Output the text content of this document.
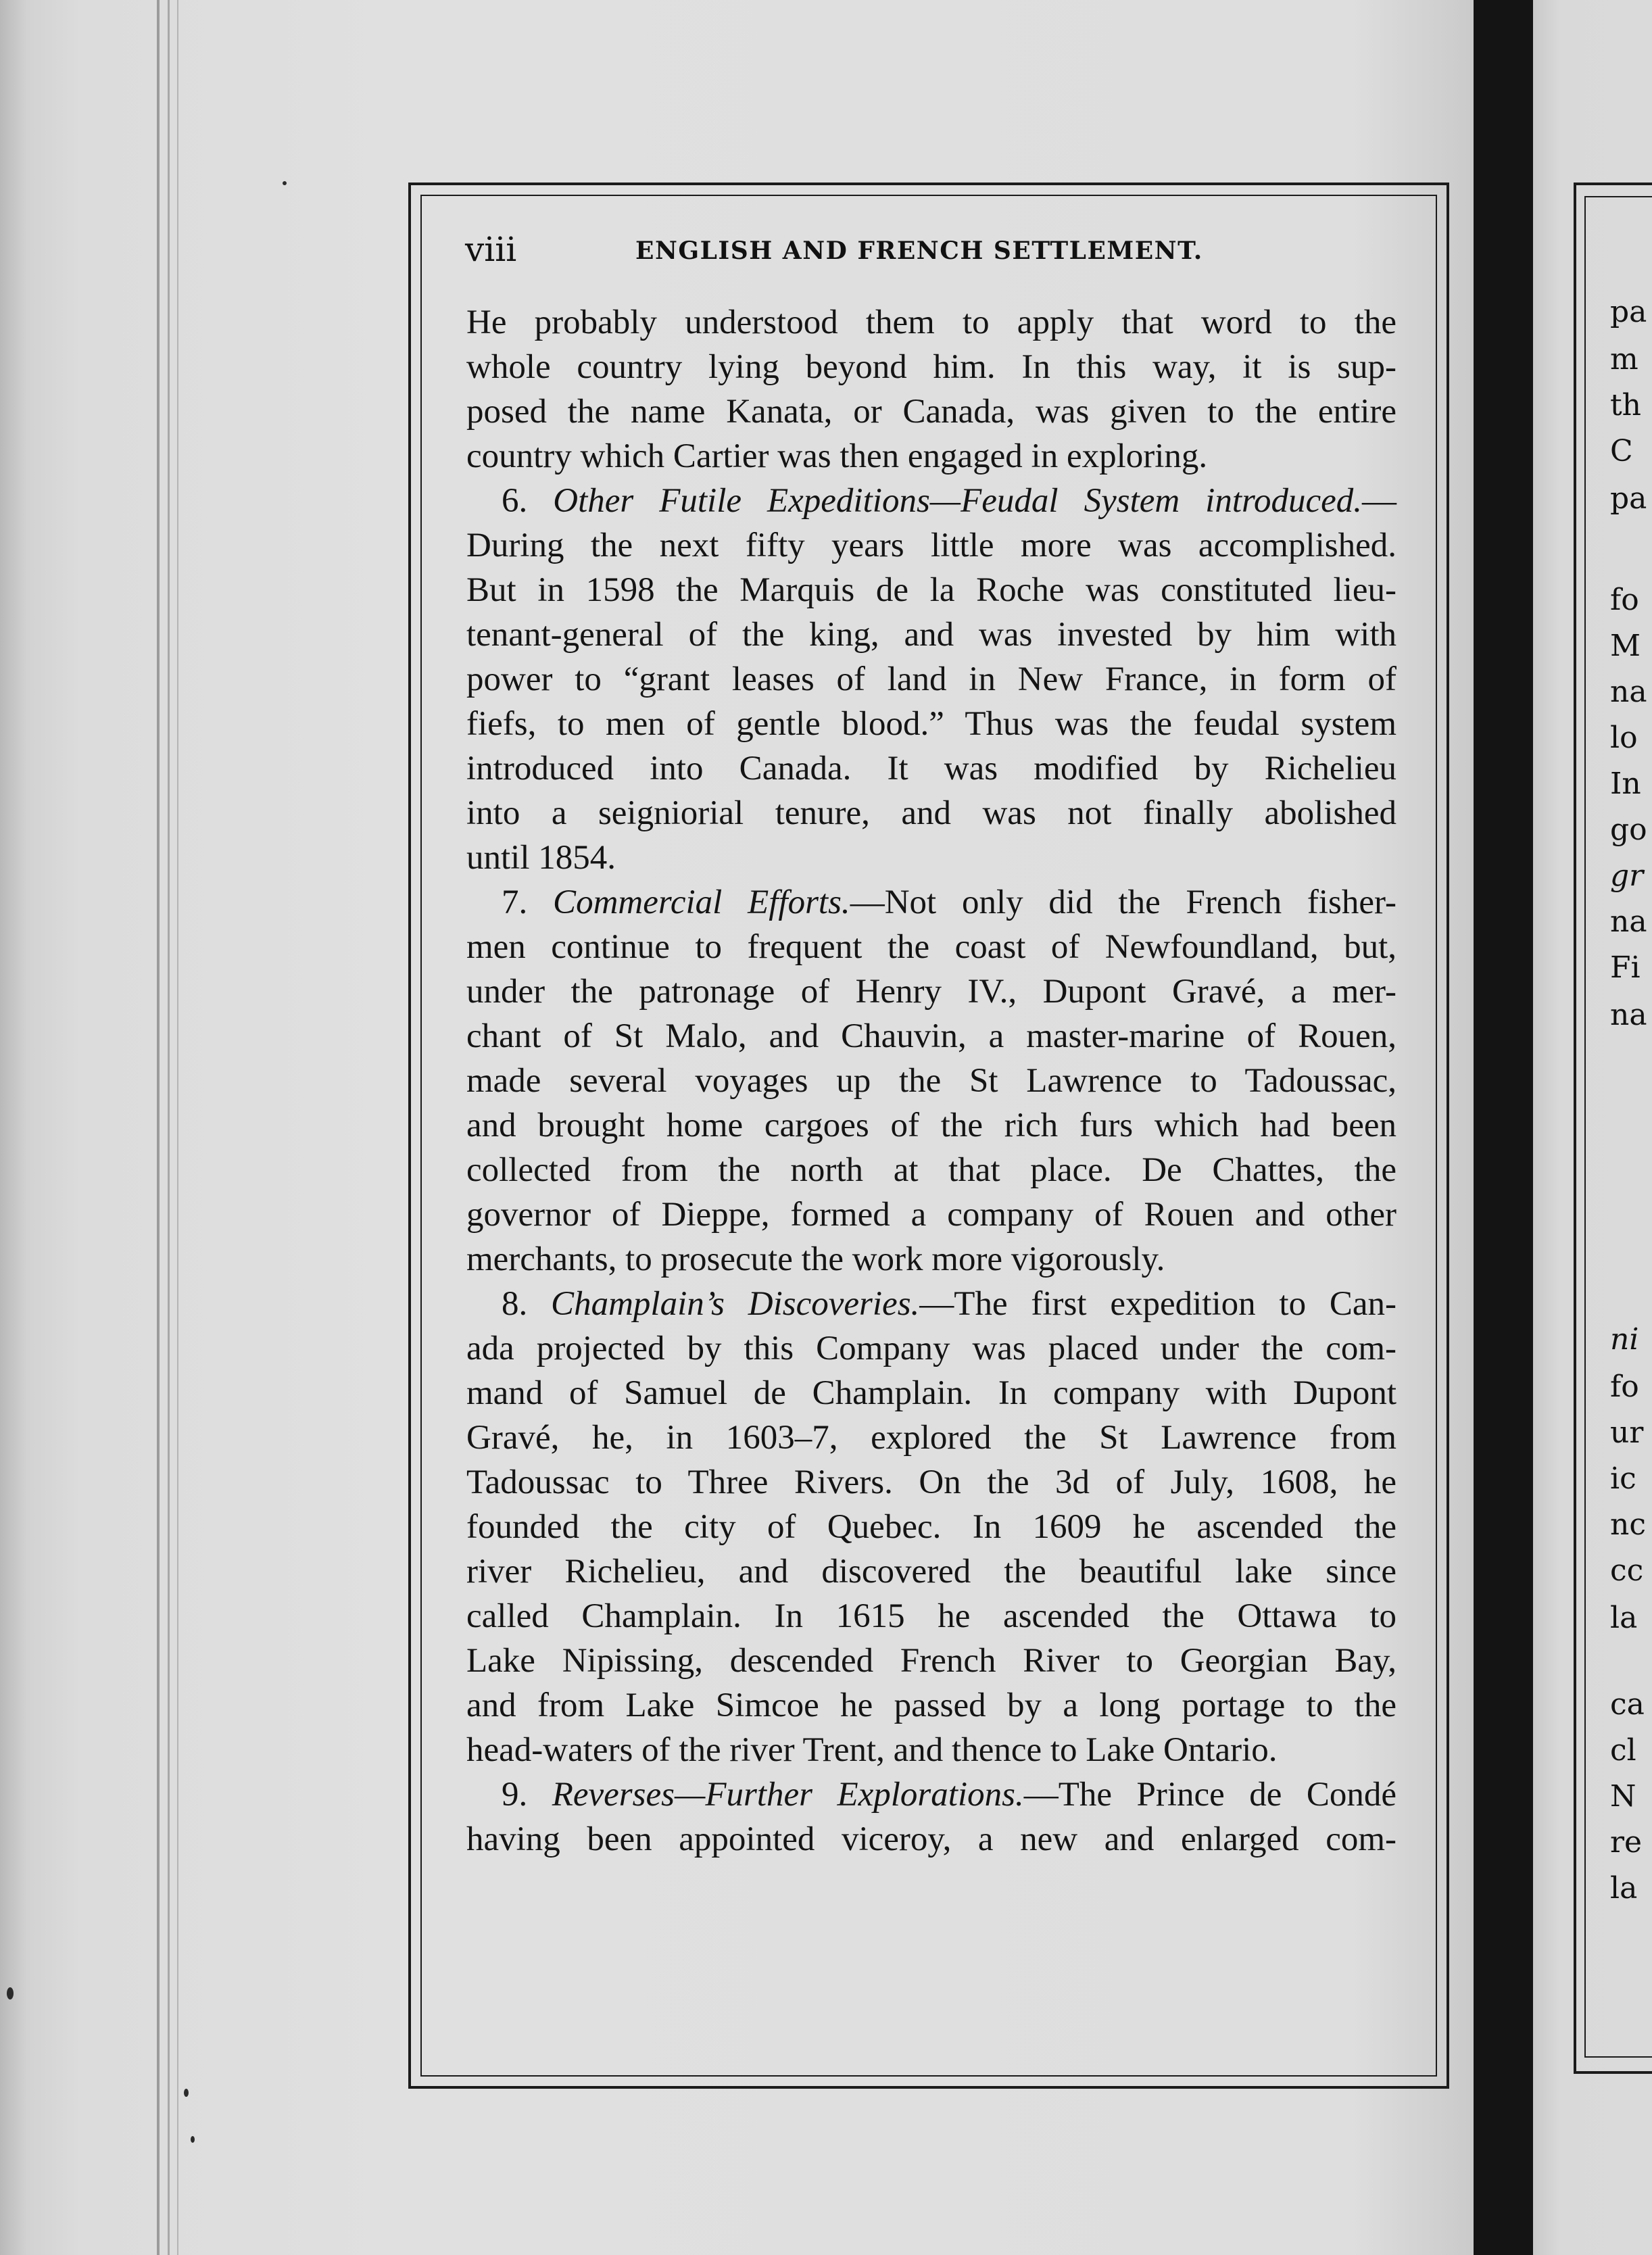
viii	ENGLISH AND FRENCH SETTLEMENT.
He probably understood them to apply that word to the
whole country lying beyond him. In this way, it is sup-
posed the name Kanata, or Canada, was given to the entire
country which Cartier was then engaged in exploring.
6. Other Futile Expeditions—Feudal System introduced.—
During the next fifty years little more was accomplished.
But in 1598 the Marquis de la Roche was constituted lieu-
tenant-general of the king, and was invested by him with
power to “grant leases of land in New France, in form of
fiefs, to men of gentle blood.” Thus was the feudal system
introduced into Canada. It was modified by Richelieu
into a seigniorial tenure, and was not finally abolished
until 1854.
7. Commercial Efforts.—Not only did the French fisher-
men continue to frequent the coast of Newfoundland, but,
under the patronage of Henry IV., Dupont Gravé, a mer-
chant of St Malo, and Chauvin, a master-marine of Rouen,
made several voyages up the St Lawrence to Tadoussac,
and brought home cargoes of the rich furs which had been
collected from the north at that place. De Chattes, the
governor of Dieppe, formed a company of Rouen and other
merchants, to prosecute the work more vigorously.
8. Champlain’s Discoveries.—The first expedition to Can-
ada projected by this Company was placed under the com-
mand of Samuel de Champlain. In company with Dupont
Gravé, he, in 1603–7, explored the St Lawrence from
Tadoussac to Three Rivers. On the 3d of July, 1608, he
founded the city of Quebec. In 1609 he ascended the
river Richelieu, and discovered the beautiful lake since
called Champlain. In 1615 he ascended the Ottawa to
Lake Nipissing, descended French River to Georgian Bay,
and from Lake Simcoe he passed by a long portage to the
head-waters of the river Trent, and thence to Lake Ontario.
9. Reverses—Further Explorations.—The Prince de Condé
having been appointed viceroy, a new and enlarged com-
pa
m
th
C
pa
fo
M
na
lo
In
go
gr
na
Fi
na
ni
fo
ur
ic
nc
cc
la
ca
cl
N
re
la
